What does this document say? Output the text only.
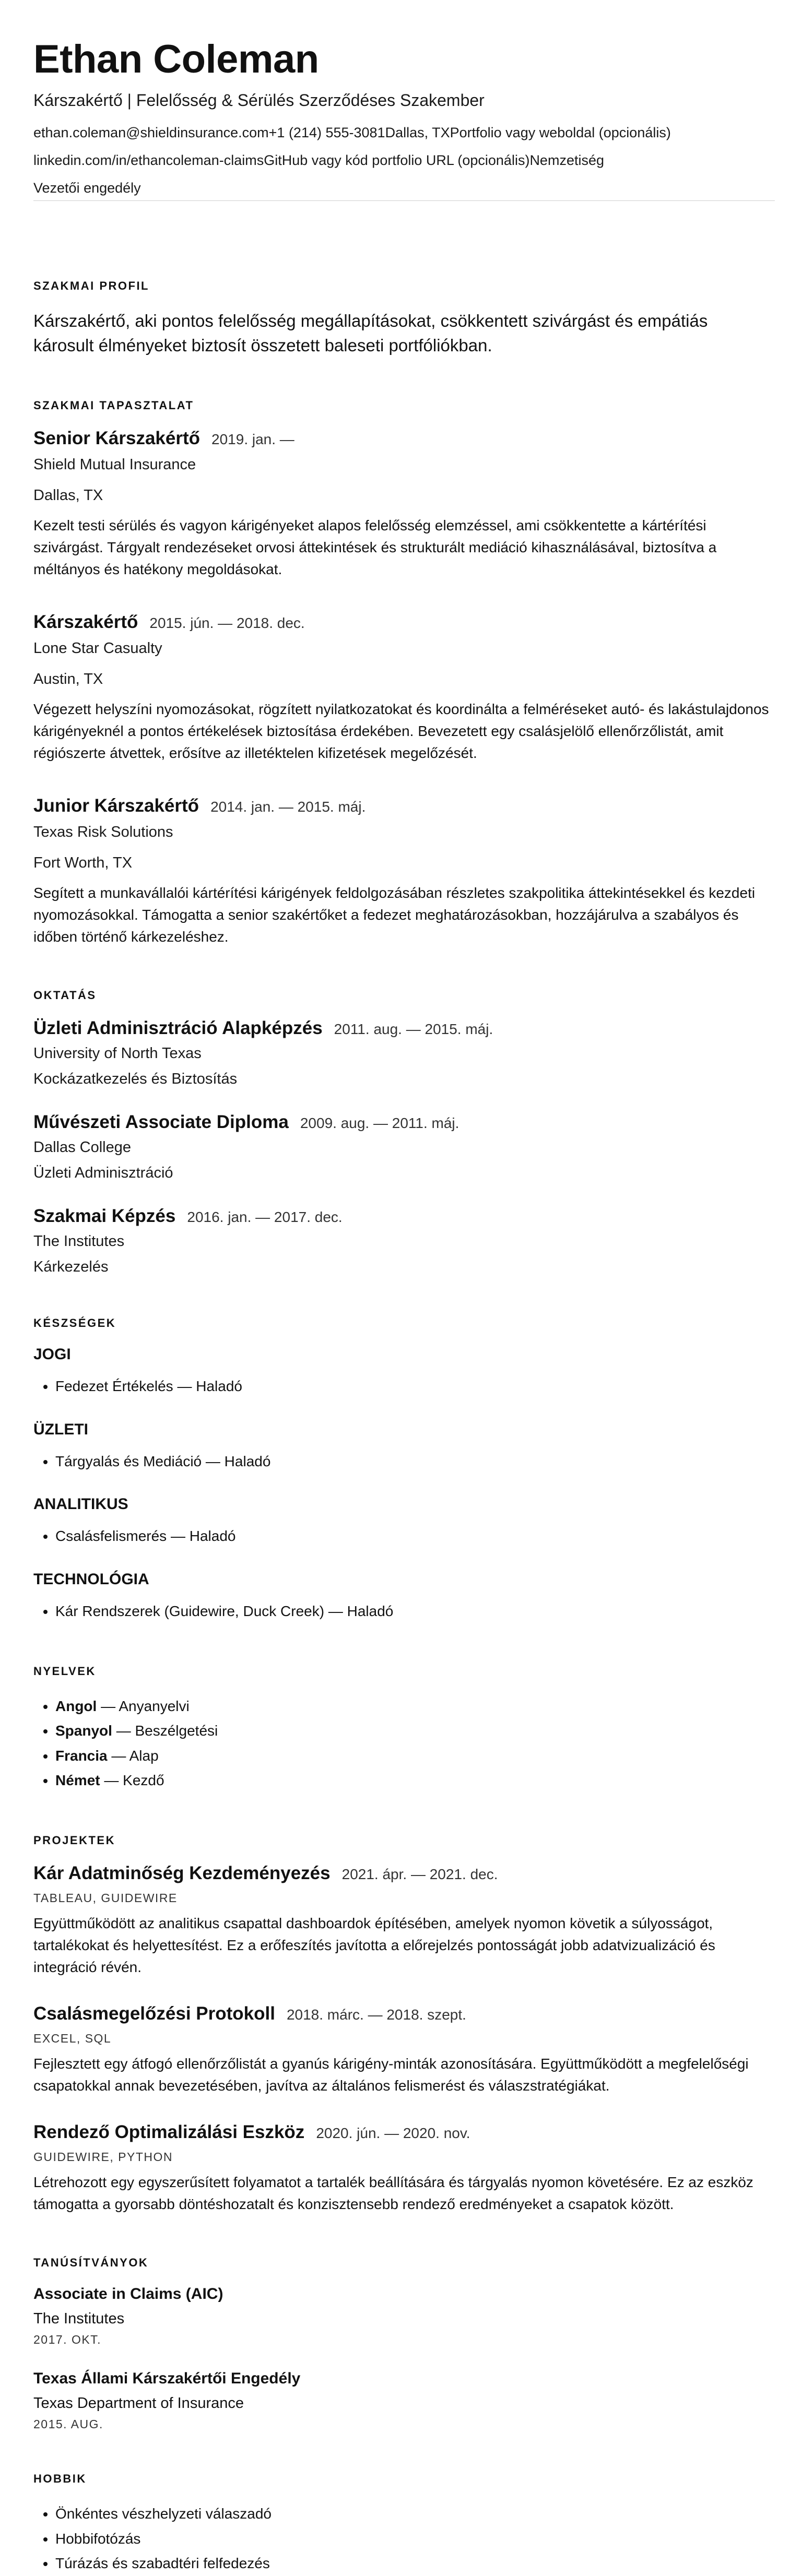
Ethan Coleman
Kárszakértő | Felelősség & Sérülés Szerződéses Szakember
ethan.coleman@shieldinsurance.com+1 (214) 555-3081Dallas, TXPortfolio vagy weboldal (opcionális)
linkedin.com/in/ethancoleman-claimsGitHub vagy kód portfolio URL (opcionális)Nemzetiség
Vezetői engedély
SZAKMAI PROFIL

Kárszakértő, aki pontos felelősség megállapításokat, csökkentett szivárgást és empátiás károsult élményeket biztosít összetett baleseti portfóliókban.

SZAKMAI TAPASZTALAT
Senior Kárszakértő 2019. jan. —
Shield Mutual Insurance
Dallas, TX
Kezelt testi sérülés és vagyon kárigényeket alapos felelősség elemzéssel, ami csökkentette a kártérítési szivárgást. Tárgyalt rendezéseket orvosi áttekintések és strukturált mediáció kihasználásával, biztosítva a méltányos és hatékony megoldásokat.
Kárszakértő 2015. jún. — 2018. dec.
Lone Star Casualty
Austin, TX
Végezett helyszíni nyomozásokat, rögzített nyilatkozatokat és koordinálta a felméréseket autó- és lakástulajdonos kárigényeknél a pontos értékelések biztosítása érdekében. Bevezetett egy csalásjelölő ellenőrzőlistát, amit régiószerte átvettek, erősítve az illetéktelen kifizetések megelőzését.
Junior Kárszakértő 2014. jan. — 2015. máj.
Texas Risk Solutions
Fort Worth, TX
Segített a munkavállalói kártérítési kárigények feldolgozásában részletes szakpolitika áttekintésekkel és kezdeti nyomozásokkal. Támogatta a senior szakértőket a fedezet meghatározásokban, hozzájárulva a szabályos és időben történő kárkezeléshez.
OKTATÁS
Üzleti Adminisztráció Alapképzés 2011. aug. — 2015. máj.
University of North Texas
Kockázatkezelés és Biztosítás
Művészeti Associate Diploma 2009. aug. — 2011. máj.
Dallas College
Üzleti Adminisztráció
Szakmai Képzés 2016. jan. — 2017. dec.
The Institutes
Kárkezelés
KÉSZSÉGEK
JOGI
• Fedezet Értékelés — Haladó
ÜZLETI
• Tárgyalás és Mediáció — Haladó
ANALITIKUS
• Csalásfelismerés — Haladó
TECHNOLÓGIA
• Kár Rendszerek (Guidewire, Duck Creek) — Haladó
NYELVEK
• Angol — Anyanyelvi
• Spanyol — Beszélgetési
• Francia — Alap
• Német — Kezdő
PROJEKTEK
Kár Adatminőség Kezdeményezés 2021. ápr. — 2021. dec.
TABLEAU, GUIDEWIRE
Együttműködött az analitikus csapattal dashboardok építésében, amelyek nyomon követik a súlyosságot, tartalékokat és helyettesítést. Ez a erőfeszítés javította a előrejelzés pontosságát jobb adatvizualizáció és integráció révén.
Csalásmegelőzési Protokoll 2018. márc. — 2018. szept.
EXCEL, SQL
Fejlesztett egy átfogó ellenőrzőlistát a gyanús kárigény-minták azonosítására. Együttműködött a megfelelőségi csapatokkal annak bevezetésében, javítva az általános felismerést és válaszstratégiákat.
Rendező Optimalizálási Eszköz 2020. jún. — 2020. nov.
GUIDEWIRE, PYTHON
Létrehozott egy egyszerűsített folyamatot a tartalék beállítására és tárgyalás nyomon követésére. Ez az eszköz támogatta a gyorsabb döntéshozatalt és konzisztensebb rendező eredményeket a csapatok között.
TANÚSÍTVÁNYOK
Associate in Claims (AIC)
The Institutes
2017. OKT.
Texas Állami Kárszakértői Engedély
Texas Department of Insurance
2015. AUG.
HOBBIK
• Önkéntes vészhelyzeti válaszadó
• Hobbifotózás
• Túrázás és szabadtéri felfedezés
